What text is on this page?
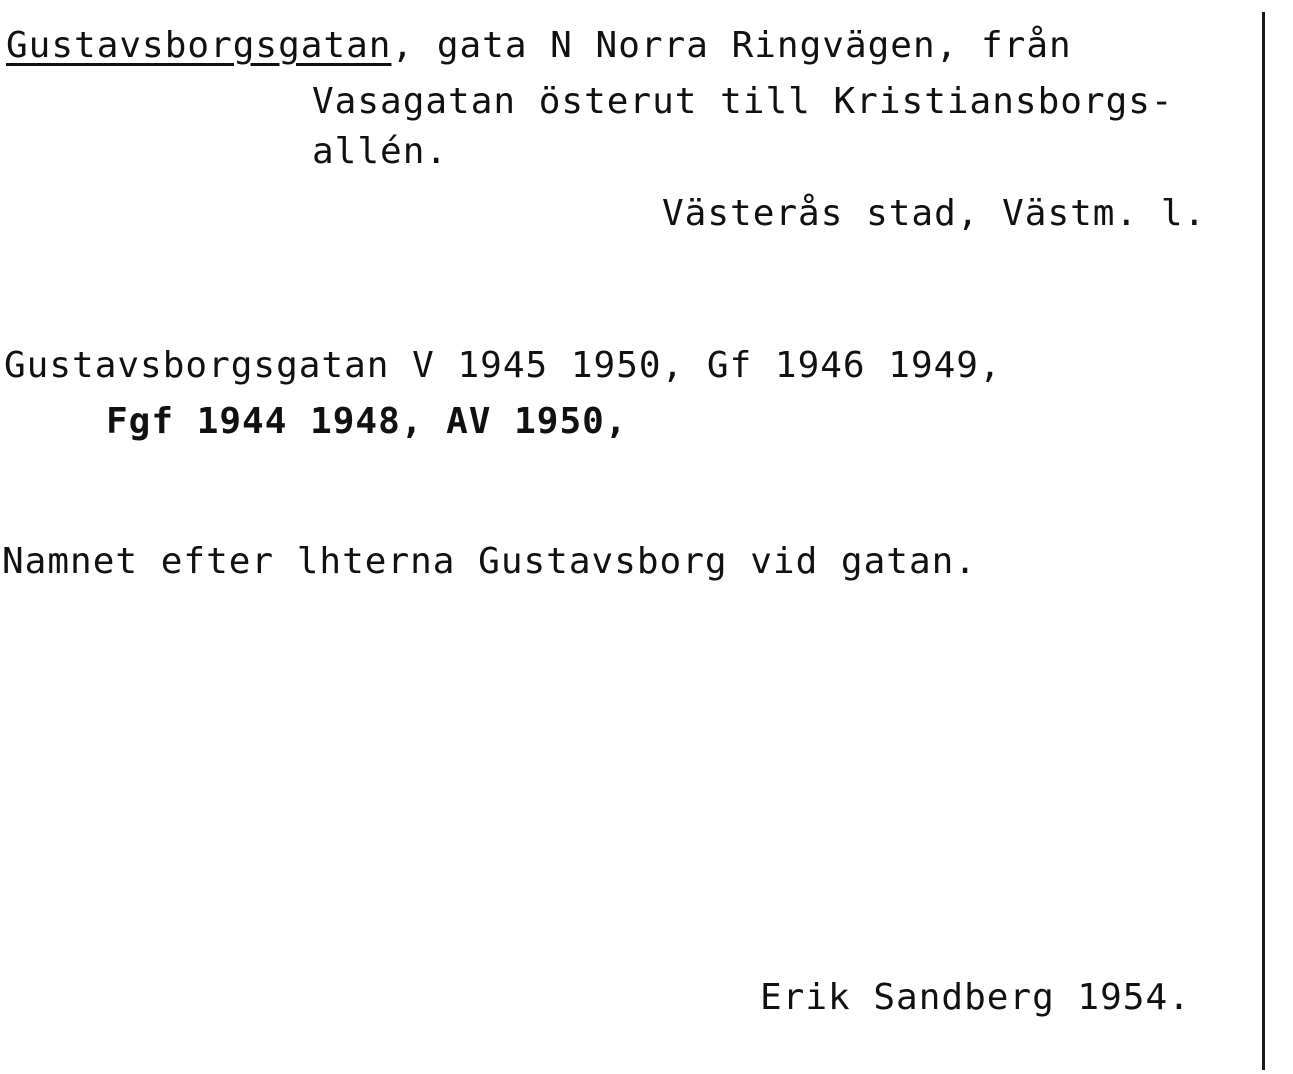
Gustavsborgsgatan, gata N Norra Ringvägen, från
Vasagatan österut till Kristiansborgs-
allén.
Västerås stad, Västm. l.
Gustavsborgsgatan V 1945 1950, Gf 1946 1949,
Fgf 1944 1948, AV 1950,
Namnet efter lhterna Gustavsborg vid gatan.
Erik Sandberg 1954.
